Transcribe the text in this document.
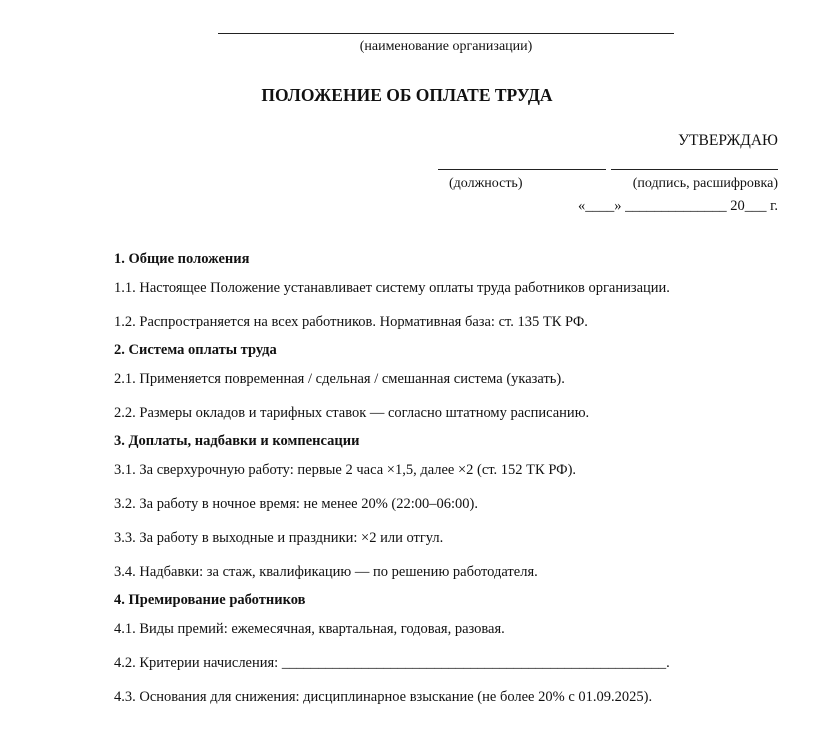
(наименование организации)
ПОЛОЖЕНИЕ ОБ ОПЛАТЕ ТРУДА
УТВЕРЖДАЮ
(должность)	(подпись, расшифровка)
«____» ______________ 20___ г.
1. Общие положения
1.1. Настоящее Положение устанавливает систему оплаты труда работников организации.
1.2. Распространяется на всех работников. Нормативная база: ст. 135 ТК РФ.
2. Система оплаты труда
2.1. Применяется повременная / сдельная / смешанная система (указать).
2.2. Размеры окладов и тарифных ставок — согласно штатному расписанию.
3. Доплаты, надбавки и компенсации
3.1. За сверхурочную работу: первые 2 часа ×1,5, далее ×2 (ст. 152 ТК РФ).
3.2. За работу в ночное время: не менее 20% (22:00–06:00).
3.3. За работу в выходные и праздники: ×2 или отгул.
3.4. Надбавки: за стаж, квалификацию — по решению работодателя.
4. Премирование работников
4.1. Виды премий: ежемесячная, квартальная, годовая, разовая.
4.2. Критерии начисления: _____________________________________________________.
4.3. Основания для снижения: дисциплинарное взыскание (не более 20% с 01.09.2025).
